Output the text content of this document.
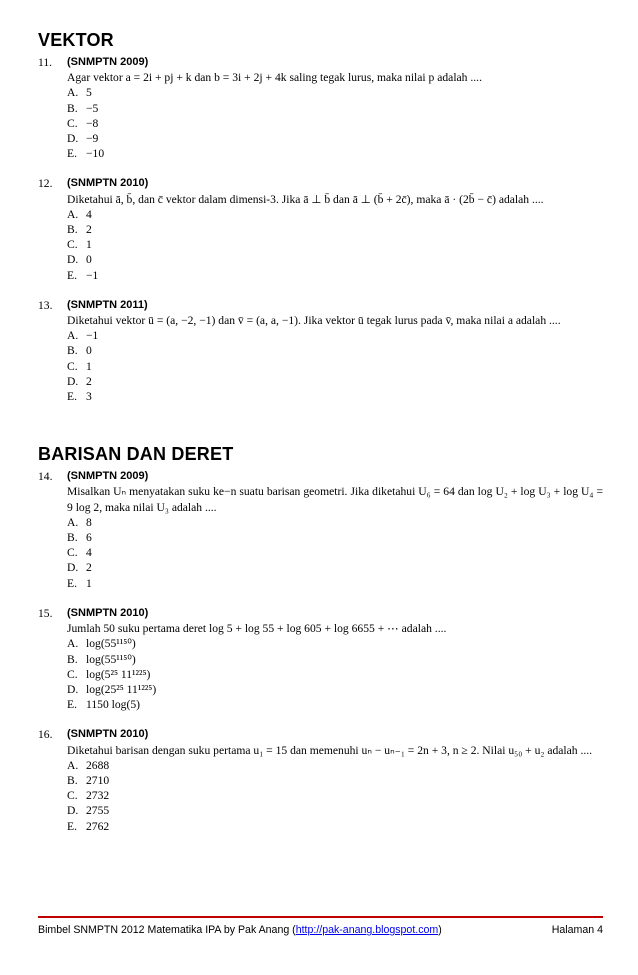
VEKTOR
11. (SNMPTN 2009)
Agar vektor a = 2i + pj + k dan b = 3i + 2j + 4k saling tegak lurus, maka nilai p adalah ....
A. 5
B. −5
C. −8
D. −9
E. −10
12. (SNMPTN 2010)
Diketahui ā, b̄, dan c̄ vektor dalam dimensi-3. Jika ā ⊥ b̄ dan ā ⊥ (b̄ + 2c̄), maka ā · (2b̄ − c̄) adalah ....
A. 4
B. 2
C. 1
D. 0
E. −1
13. (SNMPTN 2011)
Diketahui vektor ū = (a, −2, −1) dan v̄ = (a, a, −1). Jika vektor ū tegak lurus pada v̄, maka nilai a adalah ....
A. −1
B. 0
C. 1
D. 2
E. 3
BARISAN DAN DERET
14. (SNMPTN 2009)
Misalkan Uₙ menyatakan suku ke−n suatu barisan geometri. Jika diketahui U₆ = 64 dan log U₂ + log U₃ + log U₄ = 9 log 2, maka nilai U₃ adalah ....
A. 8
B. 6
C. 4
D. 2
E. 1
15. (SNMPTN 2010)
Jumlah 50 suku pertama deret log 5 + log 55 + log 605 + log 6655 + ⋯ adalah ....
A. log(55¹¹⁵⁰)
B. log(55¹¹⁵⁰)
C. log(5²⁵ 11¹²²⁵)
D. log(25²⁵ 11¹²²⁵)
E. 1150 log(5)
16. (SNMPTN 2010)
Diketahui barisan dengan suku pertama u₁ = 15 dan memenuhi uₙ − uₙ₋₁ = 2n + 3, n ≥ 2. Nilai u₅₀ + u₂ adalah ....
A. 2688
B. 2710
C. 2732
D. 2755
E. 2762
Bimbel SNMPTN 2012 Matematika IPA by Pak Anang (http://pak-anang.blogspot.com)	Halaman 4
